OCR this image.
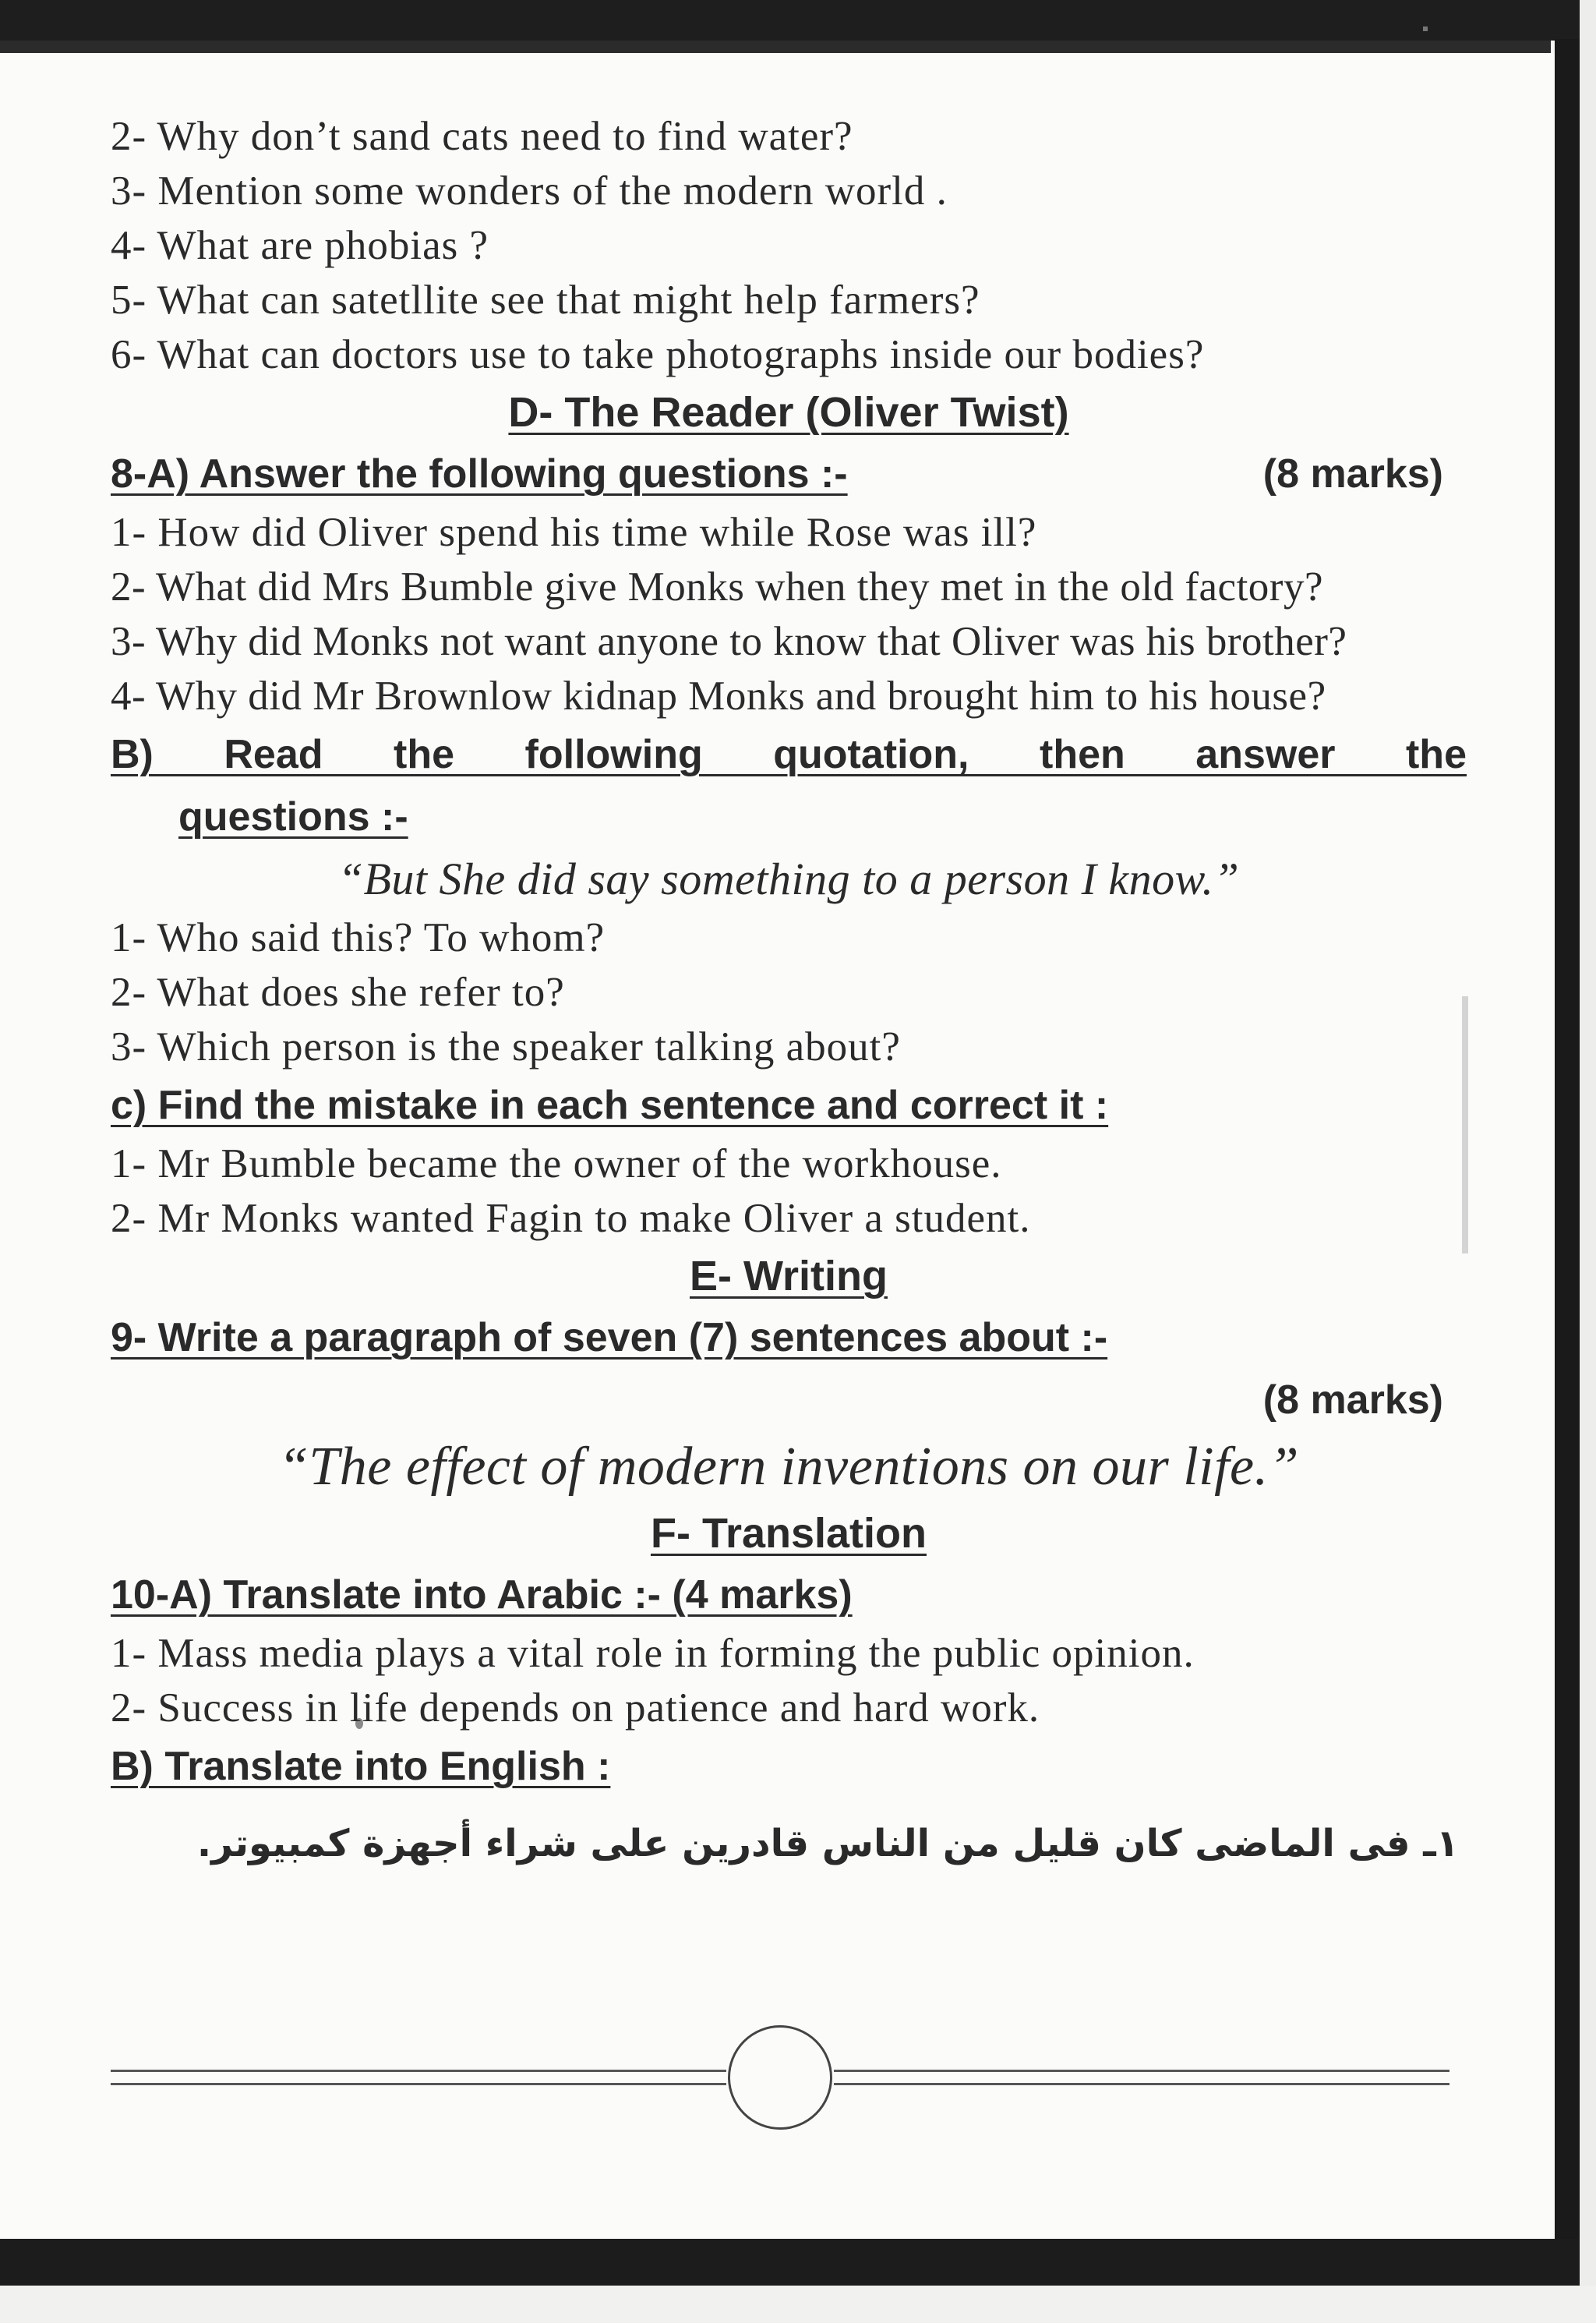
2- Why don’t sand cats need to find water?

3- Mention some wonders of the modern world .

4- What are phobias ?

5- What can satetllite see that might help farmers?

6- What can doctors use to take photographs inside our bodies?

D- The Reader (Oliver Twist)

8-A) Answer the following questions :-	(8 marks)

1- How did Oliver spend his time while Rose was ill?

2- What did Mrs Bumble give Monks when they met in the old factory?

3- Why did Monks not want anyone to know that Oliver was his brother?

4- Why did Mr Brownlow kidnap Monks and brought him to his house?

B) Read the following quotation, then answer the
questions :-

“But She did say something to a person I know.”

1- Who said this? To whom?

2- What does she refer to?

3- Which person is the speaker talking about?

c) Find the mistake in each sentence and correct it :

1- Mr Bumble became the owner of the workhouse.

2- Mr Monks wanted Fagin to make Oliver a student.

E- Writing

9- Write a paragraph of seven (7) sentences about :-

(8 marks)

“The effect of modern inventions on our life.”

F- Translation

10-A) Translate into Arabic :- (4 marks)

1- Mass media plays a vital role in forming the public opinion.

2- Success in life depends on patience and hard work.

B) Translate into English :

١ـ فى الماضى كان قليل من الناس قادرين على شراء أجهزة كمبيوتر.
